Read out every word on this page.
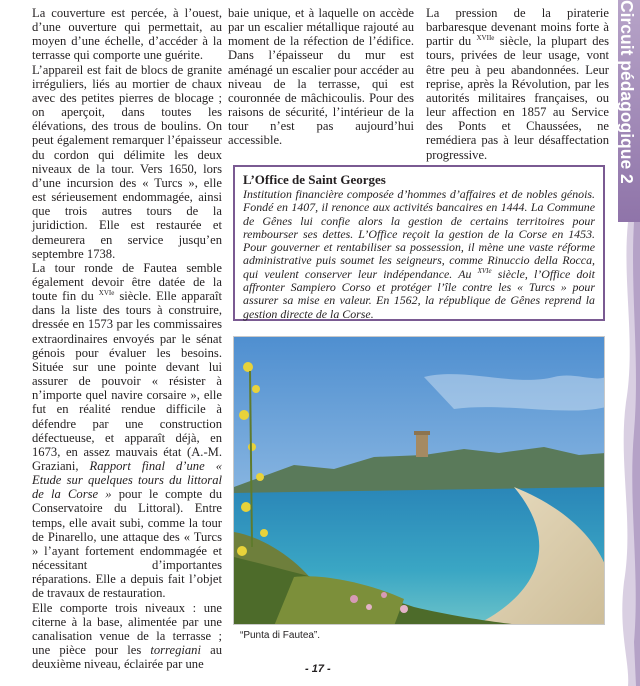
Circuit pédagogique 2

La couverture est percée, à l’ouest, d’une ouverture qui permettait, au moyen d’une échelle, d’accéder à la terrasse qui comporte une guérite.

L’appareil est fait de blocs de granite irréguliers, liés au mortier de chaux avec des petites pierres de blocage ; on aperçoit, dans toutes les élévations, des trous de boulins. On peut également remarquer l’épaisseur du cordon qui délimite les deux niveaux de la tour. Vers 1650, lors d’une incursion des « Turcs », elle est sérieusement endommagée, ainsi que trois autres tours de la juridiction. Elle est restaurée et demeurera en service jusqu’en septembre 1738.

La tour ronde de Fautea semble également devoir être datée de la toute fin du $^{XVIe}$ siècle. Elle apparaît dans la liste des tours à construire, dressée en 1573 par les commissaires extraordinaires envoyés par le sénat génois pour évaluer les besoins. Située sur une pointe devant lui assurer de pouvoir « résister à n’importe quel navire corsaire », elle fut en réalité rendue difficile à défendre par une construction défectueuse, et apparaît déjà, en 1673, en assez mauvais état (A.-M. Graziani, Rapport final d’une « Etude sur quelques tours du littoral de la Corse » pour le compte du Conservatoire du Littoral). Entre temps, elle avait subi, comme la tour de Pinarello, une attaque des « Turcs » l’ayant fortement endommagée et nécessitant d’importantes réparations. Elle a depuis fait l’objet de travaux de restauration.

Elle comporte trois niveaux : une citerne à la base, alimentée par une canalisation venue de la terrasse ; une pièce pour les torregiani au deuxième niveau, éclairée par une

baie unique, et à laquelle on accède par un escalier métallique rajouté au moment de la réfection de l’édifice. Dans l’épaisseur du mur est aménagé un escalier pour accéder au niveau de la terrasse, qui est couronnée de mâchicoulis. Pour des raisons de sécurité, l’intérieur de la tour n’est pas aujourd’hui accessible.

La pression de la piraterie barbaresque devenant moins forte à partir du $^{XVIIe}$ siècle, la plupart des tours, privées de leur usage, vont être peu à peu abandonnées. Leur reprise, après la Révolution, par les autorités militaires françaises, ou leur affection en 1857 au Service des Ponts et Chaussées, ne remédiera pas à leur désaffectation progressive.

L’Office de Saint Georges
Institution financière composée d’hommes d’affaires et de nobles génois. Fondé en 1407, il renonce aux activités bancaires en 1444. La Commune de Gênes lui confie alors la gestion de certains territoires pour rembourser ses dettes. L’Office reçoit la gestion de la Corse en 1453. Pour gouverner et rentabiliser sa possession, il mène une vaste réforme administrative puis soumet les seigneurs, comme Rinuccio della Rocca, qui veulent conserver leur indépendance. Au $^{XVIe}$ siècle, l’Office doit affronter Sampiero Corso et protéger l’île contre les « Turcs » pour assurer sa mise en valeur. En 1562, la république de Gênes reprend la gestion directe de la Corse.
“Punta di Fautea”.
- 17 -
